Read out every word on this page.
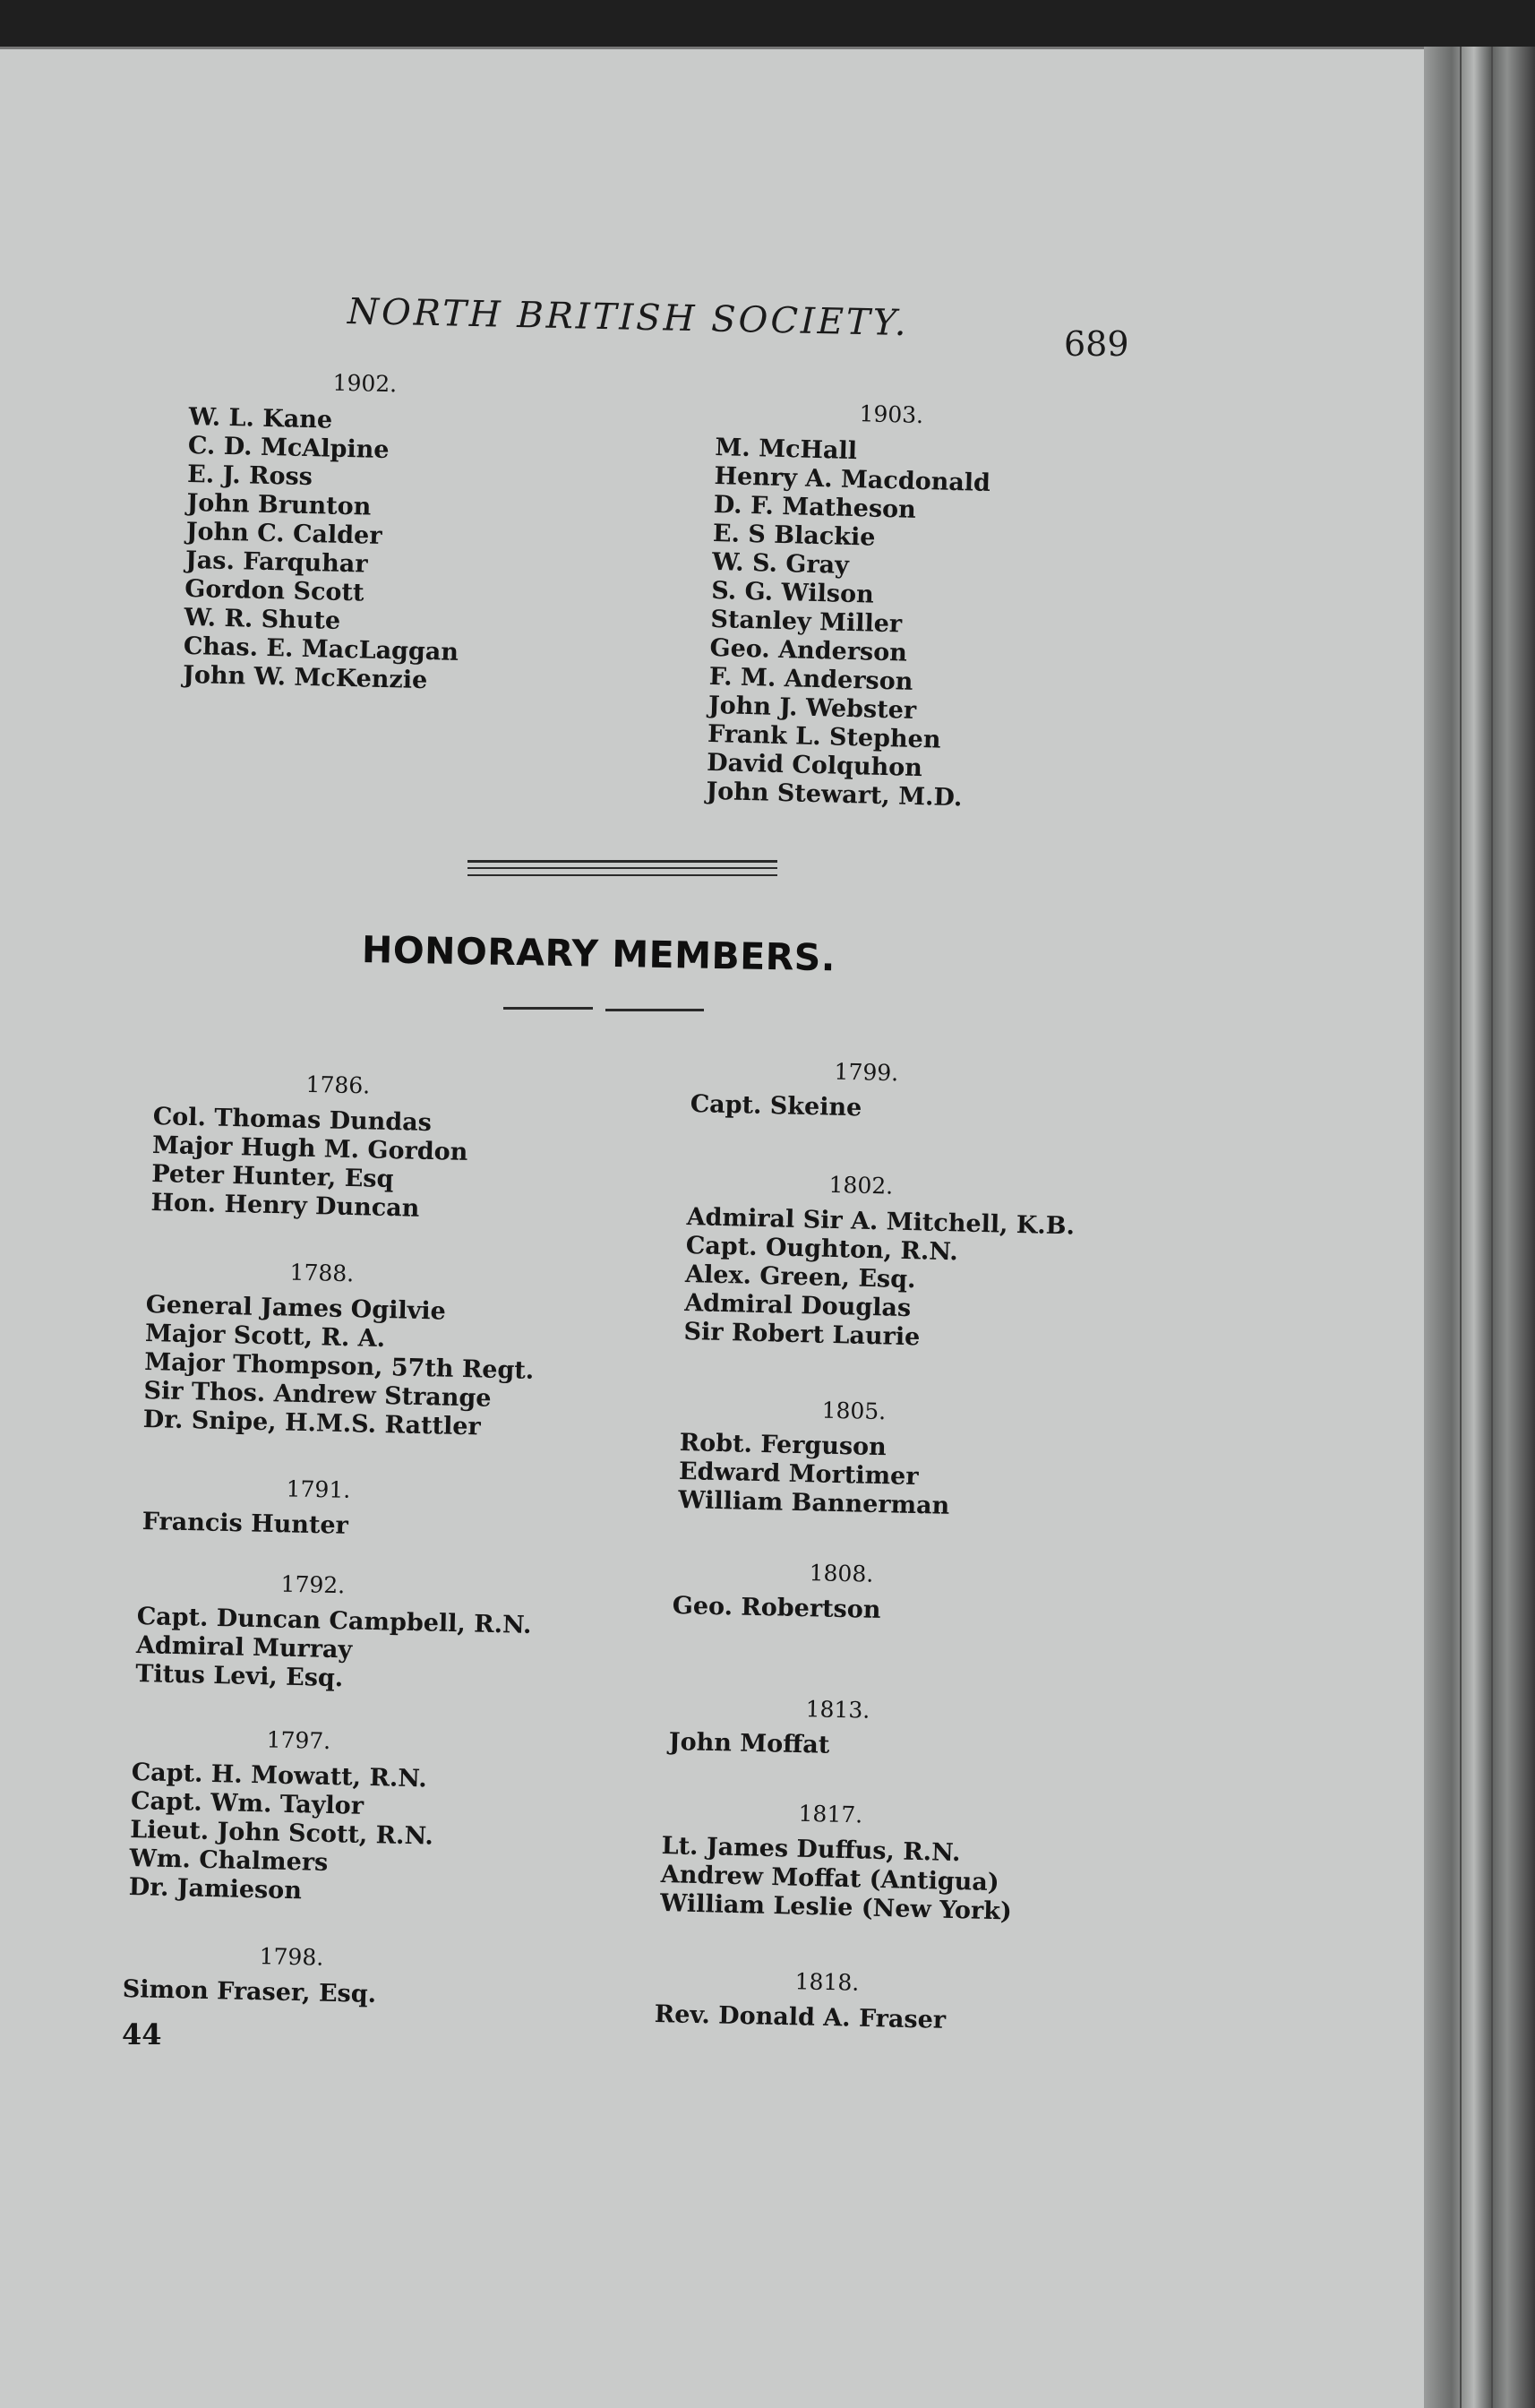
NORTH BRITISH SOCIETY.	689
1902.
W. L. Kane
C. D. McAlpine
E. J. Ross
John Brunton
John C. Calder
Jas. Farquhar
Gordon Scott
W. R. Shute
Chas. E. MacLaggan
John W. McKenzie
1903.
M. McHall
Henry A. Macdonald
D. F. Matheson
E. S Blackie
W. S. Gray
S. G. Wilson
Stanley Miller
Geo. Anderson
F. M. Anderson
John J. Webster
Frank L. Stephen
David Colquhon
John Stewart, M.D.
HONORARY MEMBERS.
1786.
Col. Thomas Dundas
Major Hugh M. Gordon
Peter Hunter, Esq
Hon. Henry Duncan
1788.
General James Ogilvie
Major Scott, R. A.
Major Thompson, 57th Regt.
Sir Thos. Andrew Strange
Dr. Snipe, H.M.S. Rattler
1791.
Francis Hunter
1792.
Capt. Duncan Campbell, R.N.
Admiral Murray
Titus Levi, Esq.
1797.
Capt. H. Mowatt, R.N.
Capt. Wm. Taylor
Lieut. John Scott, R.N.
Wm. Chalmers
Dr. Jamieson
1798.
Simon Fraser, Esq.
1799.
Capt. Skeine
1802.
Admiral Sir A. Mitchell, K.B.
Capt. Oughton, R.N.
Alex. Green, Esq.
Admiral Douglas
Sir Robert Laurie
1805.
Robt. Ferguson
Edward Mortimer
William Bannerman
1808.
Geo. Robertson
1813.
John Moffat
1817.
Lt. James Duffus, R.N.
Andrew Moffat (Antigua)
William Leslie (New York)
1818.
Rev. Donald A. Fraser
44
